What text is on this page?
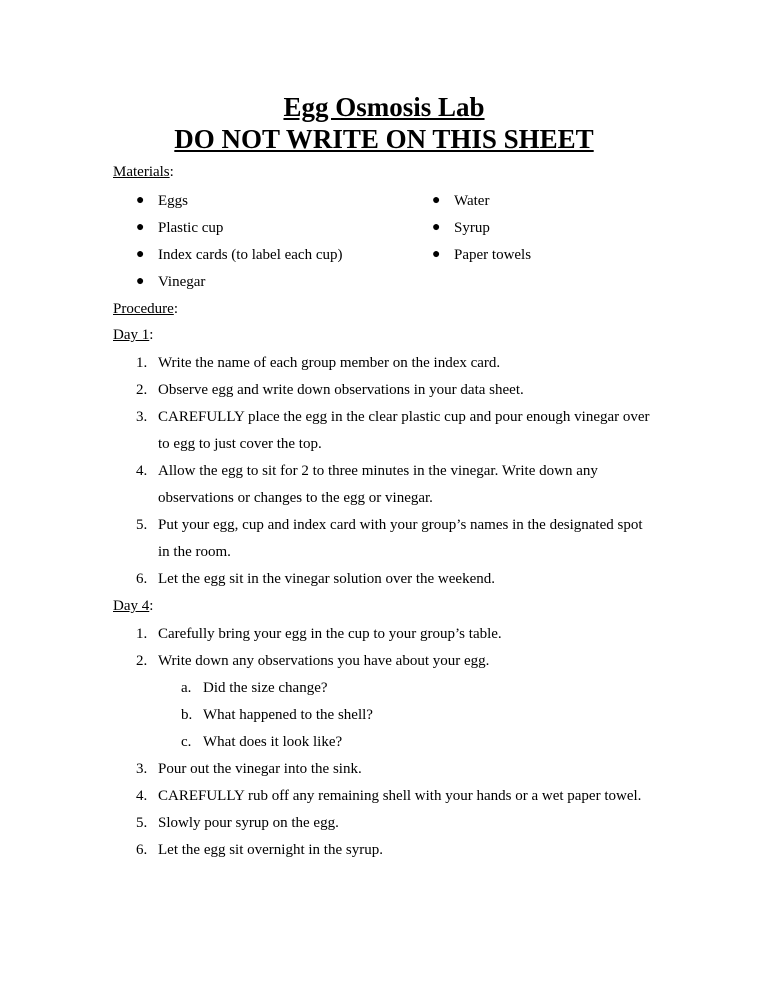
Egg Osmosis Lab
DO NOT WRITE ON THIS SHEET
Materials:
● Eggs
● Plastic cup
● Index cards (to label each cup)
● Vinegar
● Water
● Syrup
● Paper towels
Procedure:
Day 1:
1. Write the name of each group member on the index card.
2. Observe egg and write down observations in your data sheet.
3. CAREFULLY place the egg in the clear plastic cup and pour enough vinegar over
to egg to just cover the top.
4. Allow the egg to sit for 2 to three minutes in the vinegar. Write down any
observations or changes to the egg or vinegar.
5. Put your egg, cup and index card with your group’s names in the designated spot
in the room.
6. Let the egg sit in the vinegar solution over the weekend.
Day 4:
1. Carefully bring your egg in the cup to your group’s table.
2. Write down any observations you have about your egg.
a. Did the size change?
b. What happened to the shell?
c. What does it look like?
3. Pour out the vinegar into the sink.
4. CAREFULLY rub off any remaining shell with your hands or a wet paper towel.
5. Slowly pour syrup on the egg.
6. Let the egg sit overnight in the syrup.
